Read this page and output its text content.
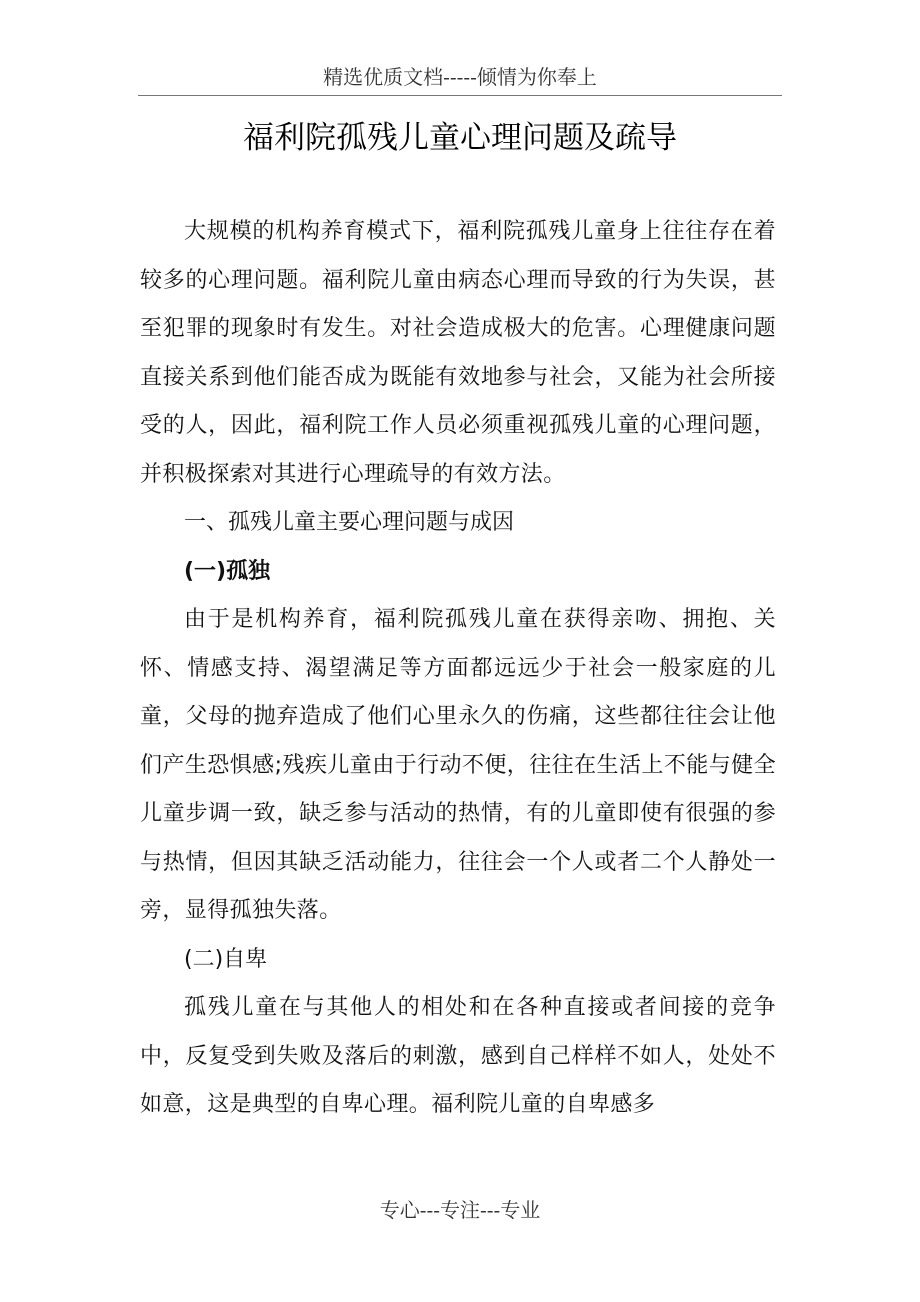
精选优质文档-----倾情为你奉上
福利院孤残儿童心理问题及疏导

大规模的机构养育模式下，福利院孤残儿童身上往往存在着较多的心理问题。福利院儿童由病态心理而导致的行为失误，甚至犯罪的现象时有发生。对社会造成极大的危害。心理健康问题直接关系到他们能否成为既能有效地参与社会，又能为社会所接受的人，因此，福利院工作人员必须重视孤残儿童的心理问题，并积极探索对其进行心理疏导的有效方法。

一、孤残儿童主要心理问题与成因

(一)孤独

由于是机构养育，福利院孤残儿童在获得亲吻、拥抱、关怀、情感支持、渴望满足等方面都远远少于社会一般家庭的儿童，父母的抛弃造成了他们心里永久的伤痛，这些都往往会让他们产生恐惧感;残疾儿童由于行动不便，往往在生活上不能与健全儿童步调一致，缺乏参与活动的热情，有的儿童即使有很强的参与热情，但因其缺乏活动能力，往往会一个人或者二个人静处一旁，显得孤独失落。

(二)自卑

孤残儿童在与其他人的相处和在各种直接或者间接的竞争中，反复受到失败及落后的刺激，感到自己样样不如人，处处不如意，这是典型的自卑心理。福利院儿童的自卑感多

专心---专注---专业
